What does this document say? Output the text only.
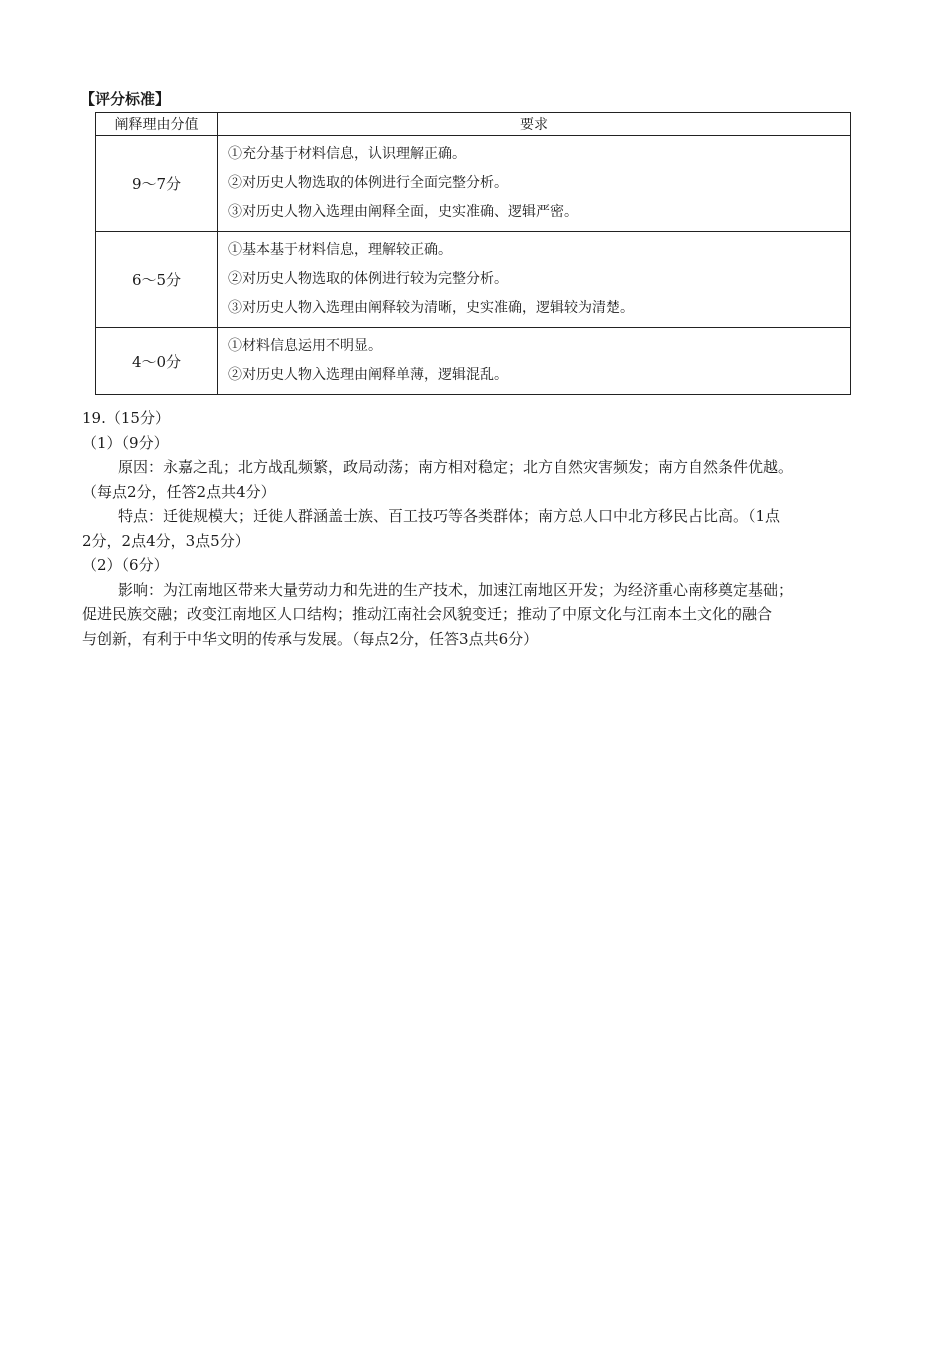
【评分标准】
阐释理由分值	要求
9～7分	①充分基于材料信息，认识理解正确。
②对历史人物选取的体例进行全面完整分析。
③对历史人物入选理由阐释全面，史实准确、逻辑严密。

6～5分	①基本基于材料信息，理解较正确。
②对历史人物选取的体例进行较为完整分析。
③对历史人物入选理由阐释较为清晰，史实准确，逻辑较为清楚。

4～0分	①材料信息运用不明显。
②对历史人物入选理由阐释单薄，逻辑混乱。
19.（15分）
（1）（9分）
原因：永嘉之乱；北方战乱频繁，政局动荡；南方相对稳定；北方自然灾害频发；南方自然条件优越。
（每点2分，任答2点共4分）
特点：迁徙规模大；迁徙人群涵盖士族、百工技巧等各类群体；南方总人口中北方移民占比高。（1点
2分，2点4分，3点5分）
（2）（6分）
影响：为江南地区带来大量劳动力和先进的生产技术，加速江南地区开发；为经济重心南移奠定基础；
促进民族交融；改变江南地区人口结构；推动江南社会风貌变迁；推动了中原文化与江南本土文化的融合
与创新，有利于中华文明的传承与发展。（每点2分，任答3点共6分）
